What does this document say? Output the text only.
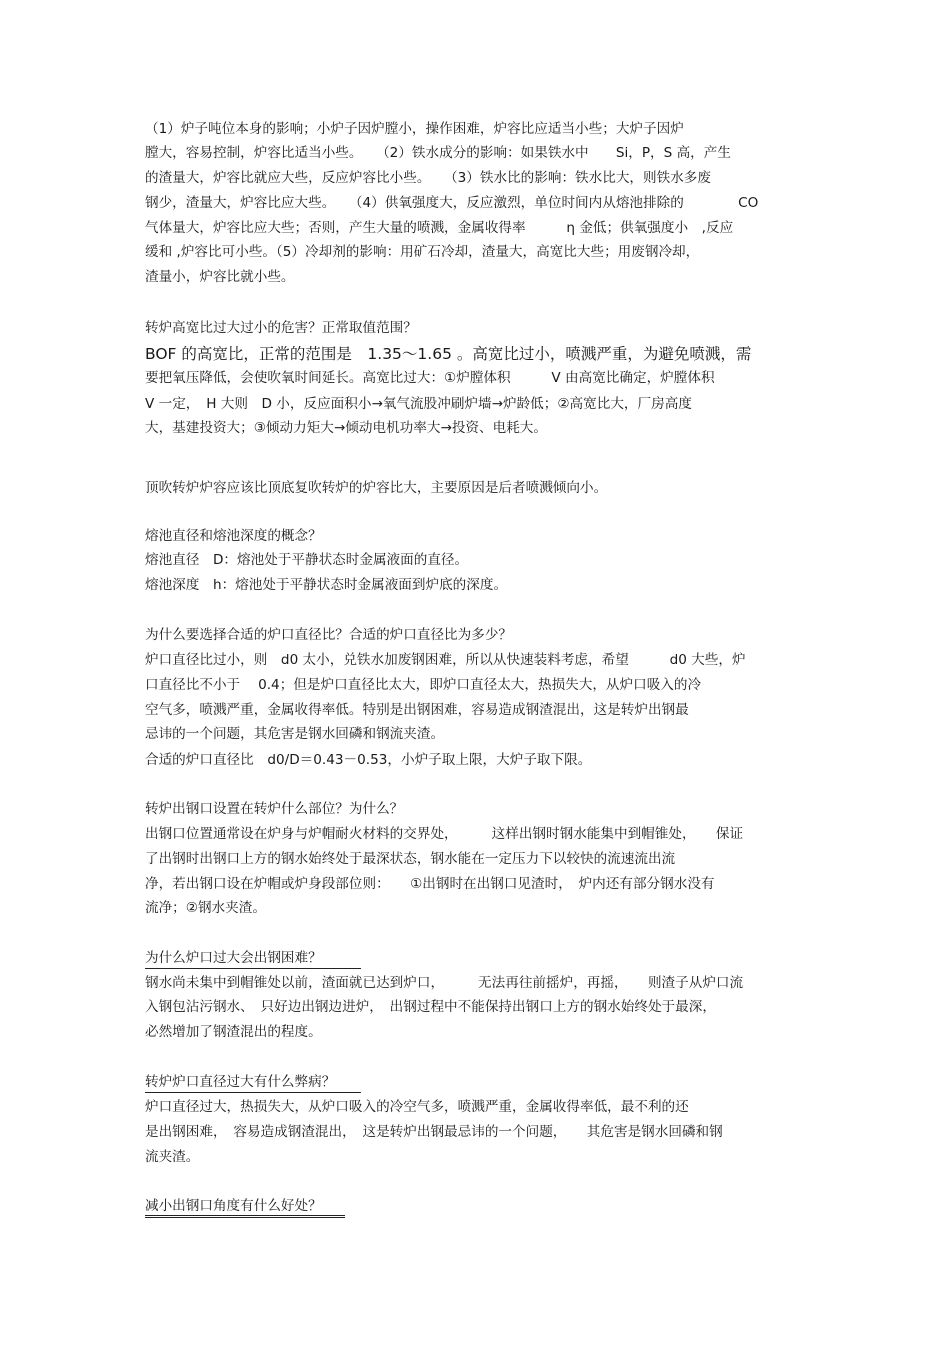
（1）炉子吨位本身的影响；小炉子因炉膛小，操作困难，炉容比应适当小些；大炉子因炉
膛大，容易控制，炉容比适当小些。　　（2）铁水成分的影响：如果铁水中　　Si，P，S 高，产生
的渣量大，炉容比就应大些，反应炉容比小些。　　（3）铁水比的影响：铁水比大，则铁水多废
钢少，渣量大，炉容比应大些。　　（4）供氧强度大，反应激烈，单位时间内从熔池排除的　　　　CO
气体量大，炉容比应大些；否则，产生大量的喷溅，金属收得率　　　η 金低；供氧强度小　,反应
缓和 ,炉容比可小些。（5）冷却剂的影响：用矿石冷却，渣量大，高宽比大些；用废钢冷却，
渣量小，炉容比就小些。
转炉高宽比过大过小的危害？正常取值范围？
BOF 的高宽比，正常的范围是　1.35～1.65 。高宽比过小，喷溅严重，为避免喷溅，需
要把氧压降低，会使吹氧时间延长。高宽比过大：①炉膛体积　　　V 由高宽比确定，炉膛体积
V 一定，　H 大则　D 小，反应面积小→氧气流股冲刷炉墙→炉龄低；②高宽比大，厂房高度
大，基建投资大；③倾动力矩大→倾动电机功率大→投资、电耗大。
顶吹转炉炉容应该比顶底复吹转炉的炉容比大，主要原因是后者喷溅倾向小。
熔池直径和熔池深度的概念？
熔池直径　D：熔池处于平静状态时金属液面的直径。
熔池深度　h：熔池处于平静状态时金属液面到炉底的深度。
为什么要选择合适的炉口直径比？合适的炉口直径比为多少？
炉口直径比过小，则　d0 太小，兑铁水加废钢困难，所以从快速装料考虑，希望　　　d0 大些，炉
口直径比不小于　 0.4；但是炉口直径比太大，即炉口直径太大，热损失大，从炉口吸入的冷
空气多，喷溅严重，金属收得率低。特别是出钢困难，容易造成钢渣混出，这是转炉出钢最
忌讳的一个问题，其危害是钢水回磷和钢流夹渣。
合适的炉口直径比　d0/D＝0.43－0.53，小炉子取上限，大炉子取下限。
转炉出钢口设置在转炉什么部位？为什么？
出钢口位置通常设在炉身与炉帽耐火材料的交界处，　　　这样出钢时钢水能集中到帽锥处，　　保证
了出钢时出钢口上方的钢水始终处于最深状态，钢水能在一定压力下以较快的流速流出流
净，若出钢口设在炉帽或炉身段部位则：　　①出钢时在出钢口见渣时，　炉内还有部分钢水没有
流净；②钢水夹渣。
为什么炉口过大会出钢困难？
钢水尚未集中到帽锥处以前，渣面就已达到炉口，　　　无法再往前摇炉，再摇，　　则渣子从炉口流
入钢包沾污钢水、　只好边出钢边进炉，　出钢过程中不能保持出钢口上方的钢水始终处于最深，
必然增加了钢渣混出的程度。
转炉炉口直径过大有什么弊病？
炉口直径过大，热损失大，从炉口吸入的冷空气多，喷溅严重，金属收得率低，最不利的还
是出钢困难，　容易造成钢渣混出，　这是转炉出钢最忌讳的一个问题，　　其危害是钢水回磷和钢
流夹渣。
减小出钢口角度有什么好处？
